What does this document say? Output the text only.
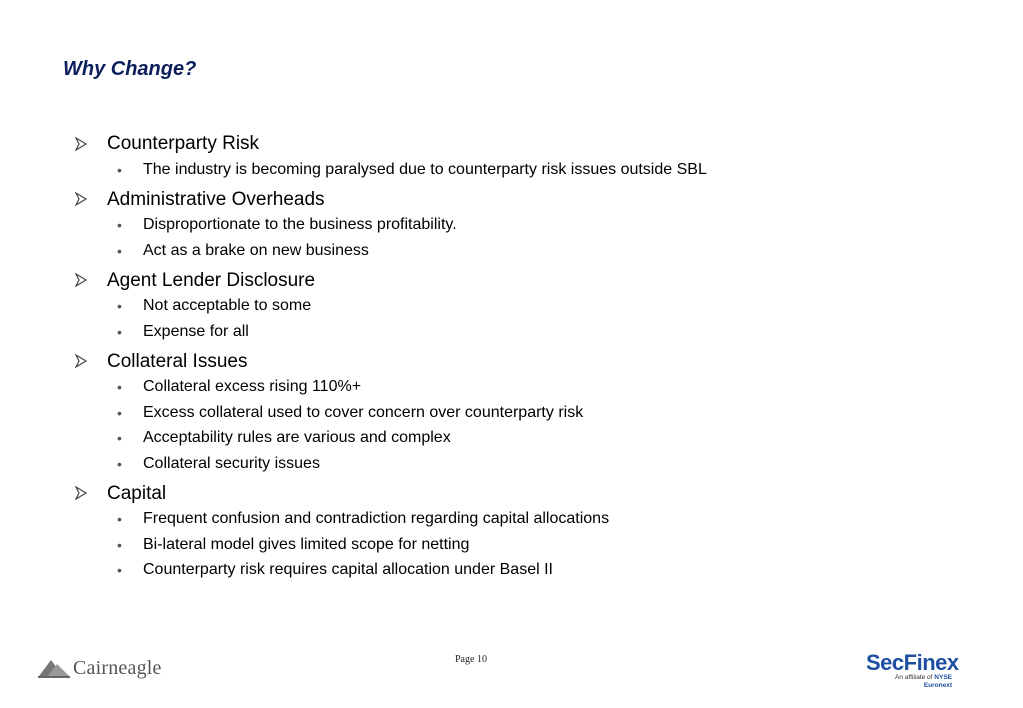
Why Change?
Counterparty Risk
•	The industry is becoming paralysed due to counterparty risk issues outside SBL
Administrative Overheads
•	Disproportionate to the business profitability.
•	Act as a brake on new business
Agent Lender Disclosure
•	Not acceptable to some
•	Expense for all
Collateral Issues
•	Collateral excess rising 110%+
•	Excess collateral used to cover concern over counterparty risk
•	Acceptability rules are various and complex
•	Collateral security issues
Capital
•	Frequent confusion and contradiction regarding capital allocations
•	Bi-lateral model gives limited scope for netting
•	Counterparty risk requires capital allocation under Basel II
Page 10
Cairneagle	SecFinex
An affiliate of NYSE Euronext
